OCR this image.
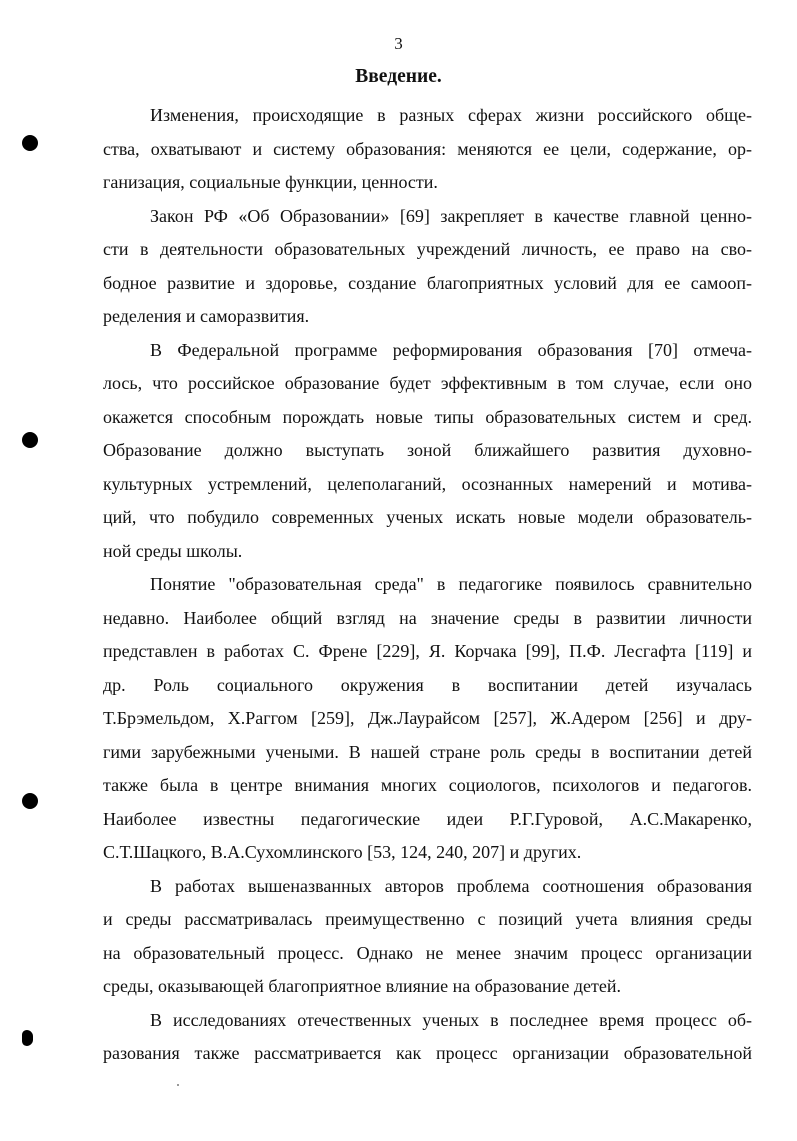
3
Введение.
Изменения, происходящие в разных сферах жизни российского обще-
ства, охватывают и систему образования: меняются ее цели, содержание, ор-
ганизация, социальные функции, ценности.
Закон РФ «Об Образовании» [69] закрепляет в качестве главной ценно-
сти в деятельности образовательных учреждений личность, ее право на сво-
бодное развитие и здоровье, создание благоприятных условий для ее самооп-
ределения и саморазвития.
В Федеральной программе реформирования образования [70] отмеча-
лось, что российское образование будет эффективным в том случае, если оно
окажется способным порождать новые типы образовательных систем и сред.
Образование должно выступать зоной ближайшего развития духовно-
культурных устремлений, целеполаганий, осознанных намерений и мотива-
ций, что побудило современных ученых искать новые модели образователь-
ной среды школы.
Понятие "образовательная среда" в педагогике появилось сравнительно
недавно. Наиболее общий взгляд на значение среды в развитии личности
представлен в работах С. Френе [229], Я. Корчака [99], П.Ф. Лесгафта [119] и
др. Роль социального окружения в воспитании детей изучалась
Т.Брэмельдом, Х.Раггом [259], Дж.Лаурайсом [257], Ж.Адером [256] и дру-
гими зарубежными учеными. В нашей стране роль среды в воспитании детей
также была в центре внимания многих социологов, психологов и педагогов.
Наиболее известны педагогические идеи Р.Г.Гуровой, А.С.Макаренко,
С.Т.Шацкого, В.А.Сухомлинского [53, 124, 240, 207] и других.
В работах вышеназванных авторов проблема соотношения образования
и среды рассматривалась преимущественно с позиций учета влияния среды
на образовательный процесс. Однако не менее значим процесс организации
среды, оказывающей благоприятное влияние на образование детей.
В исследованиях отечественных ученых в последнее время процесс об-
разования также рассматривается как процесс организации образовательной
